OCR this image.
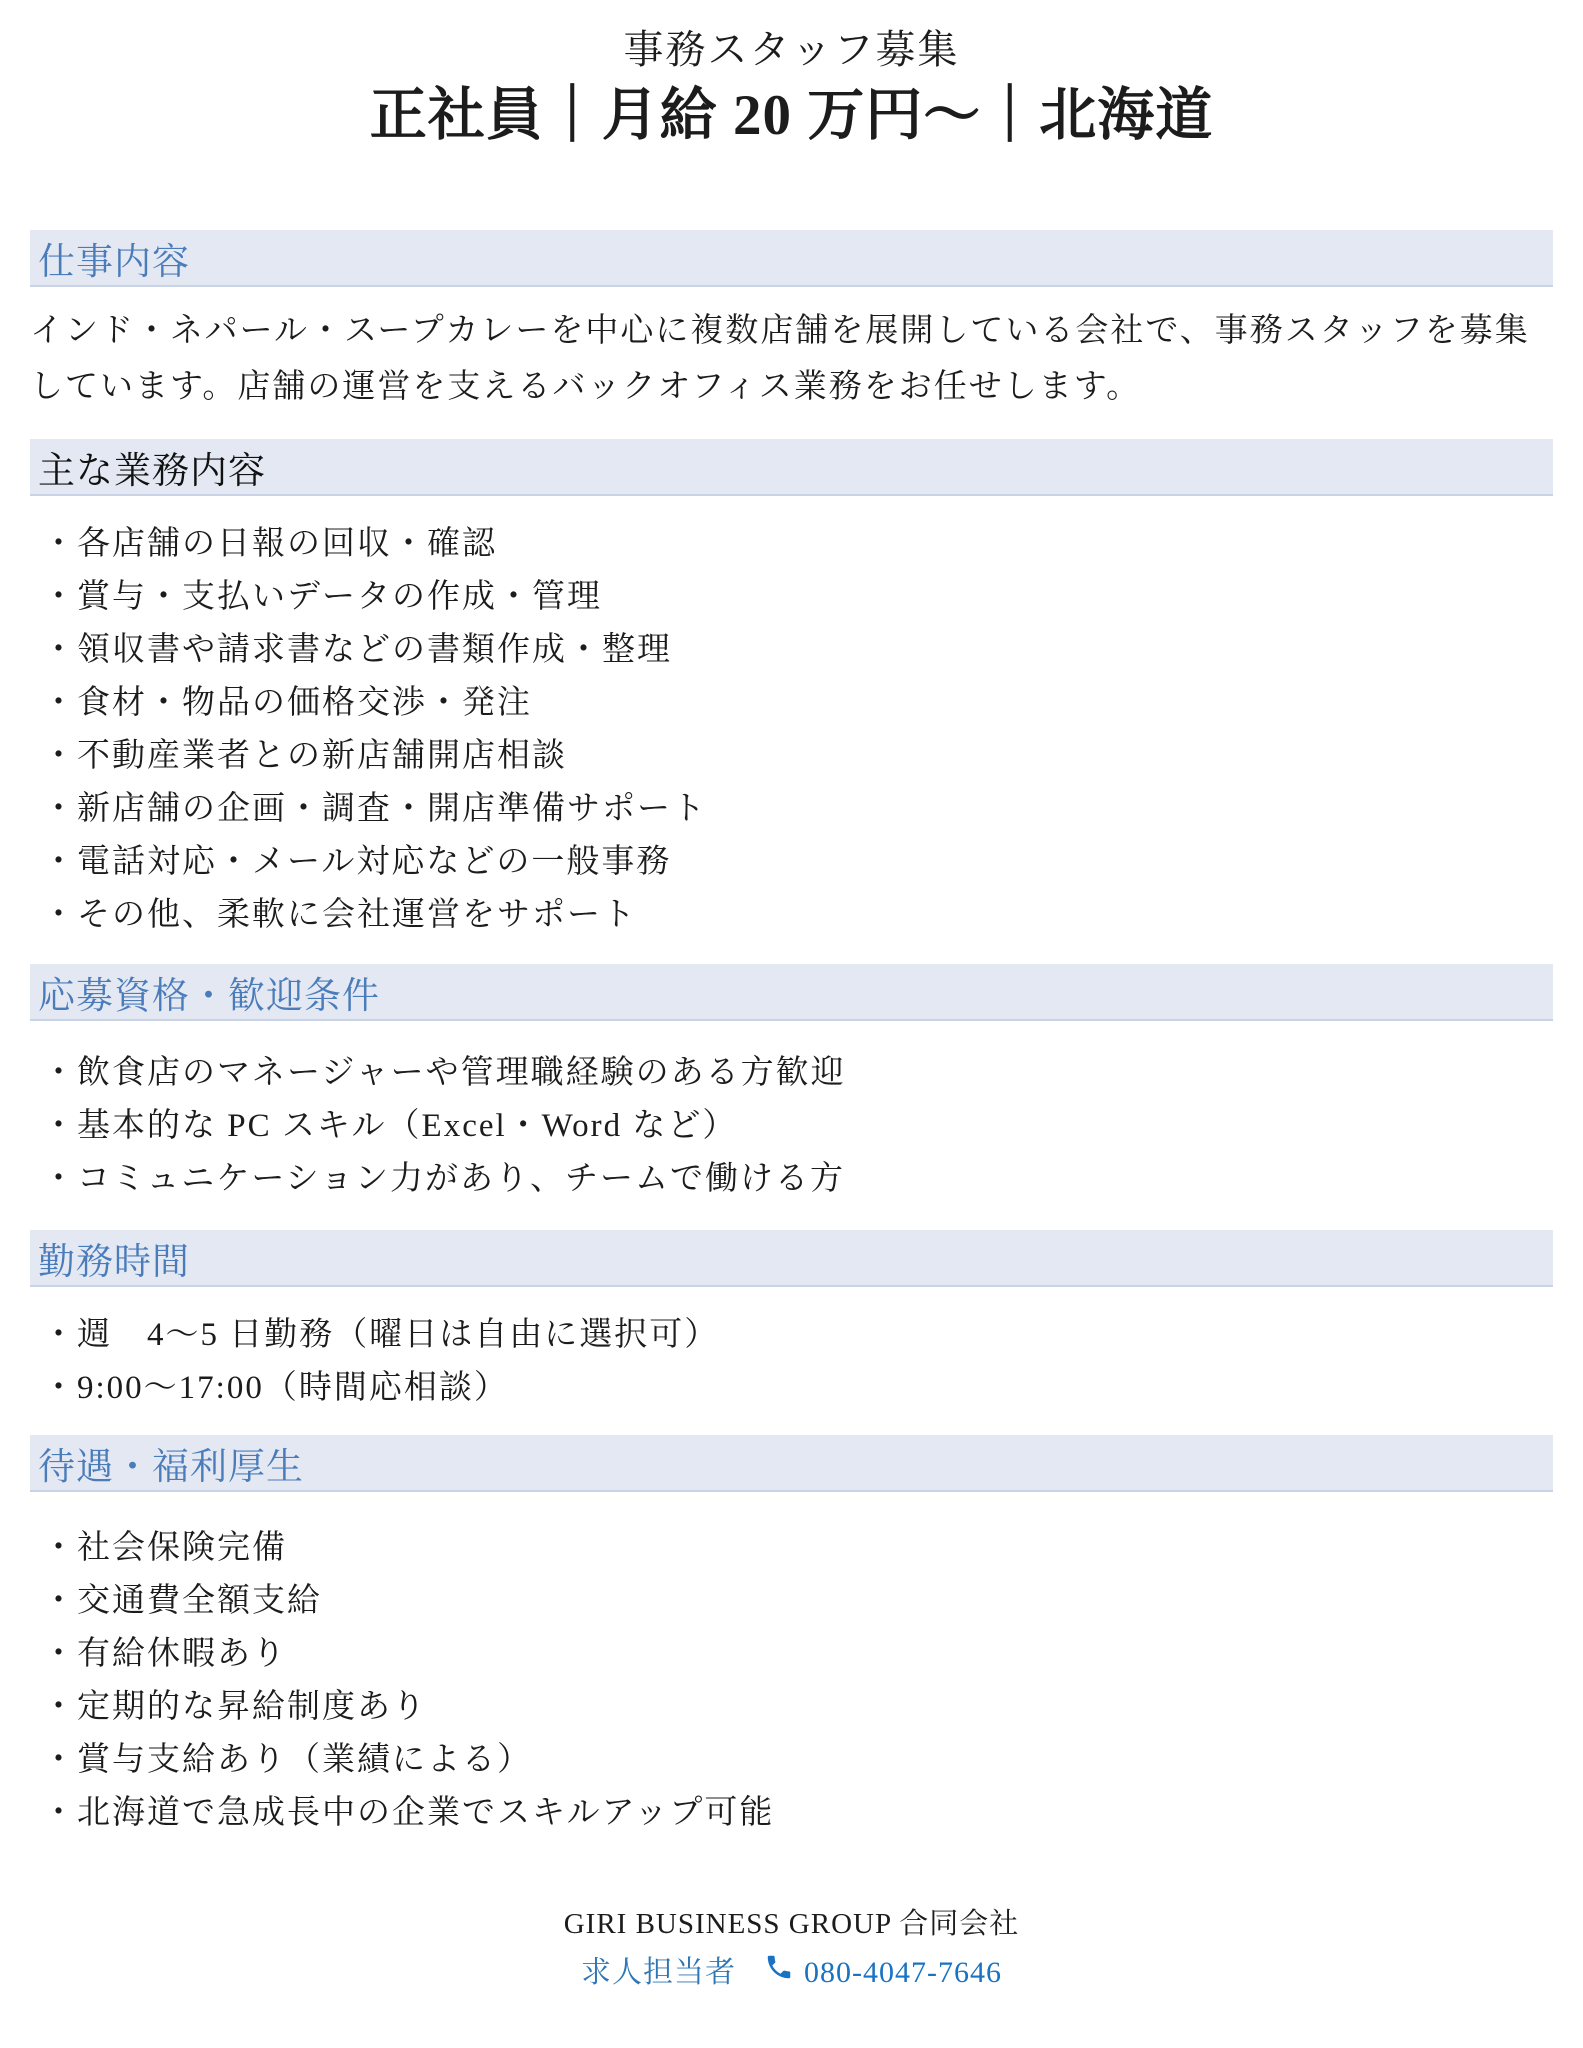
事務スタッフ募集
正社員｜月給 20 万円～｜北海道
仕事内容

インド・ネパール・スープカレーを中心に複数店舗を展開している会社で、事務スタッフを募集しています。店舗の運営を支えるバックオフィス業務をお任せします。

主な業務内容
・各店舗の日報の回収・確認
・賞与・支払いデータの作成・管理
・領収書や請求書などの書類作成・整理
・食材・物品の価格交渉・発注
・不動産業者との新店舗開店相談
・新店舗の企画・調査・開店準備サポート
・電話対応・メール対応などの一般事務
・その他、柔軟に会社運営をサポート
応募資格・歓迎条件
・飲食店のマネージャーや管理職経験のある方歓迎
・基本的な PC スキル（Excel・Word など）
・コミュニケーション力があり、チームで働ける方
勤務時間
・週　4～5 日勤務（曜日は自由に選択可）
・9:00～17:00（時間応相談）
待遇・福利厚生
・社会保険完備
・交通費全額支給
・有給休暇あり
・定期的な昇給制度あり
・賞与支給あり（業績による）
・北海道で急成長中の企業でスキルアップ可能
GIRI BUSINESS GROUP 合同会社
求人担当者 080-4047-7646
